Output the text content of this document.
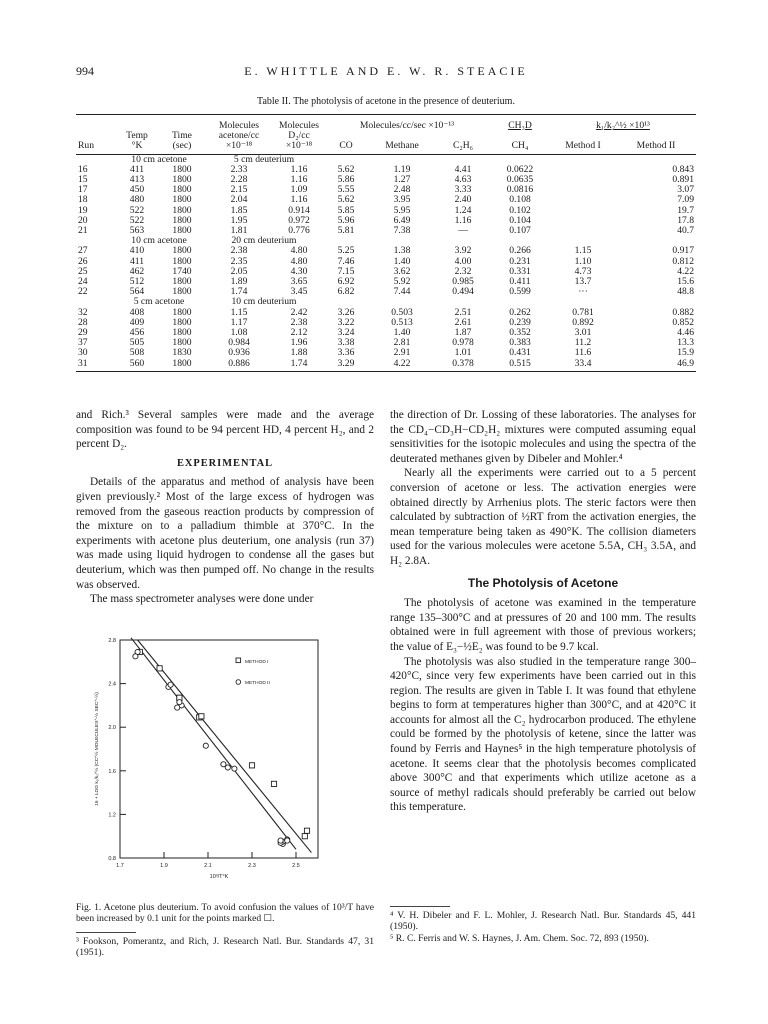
994	E. WHITTLE AND E. W. R. STEACIE
Table II. The photolysis of acetone in the presence of deuterium.
			Molecules	Molecules	Molecules/cc/sec ×10⁻¹³			CH₃D	k₁/k₂^½ ×10¹³	
	Temp	Time	acetone/cc	D₂/cc						
Run	°K	(sec)	×10⁻¹⁸	×10⁻¹⁸	CO	Methane	C₂H₆	CH₄	Method I	Method II
	10 cm acetone		5 cm deuterium							
16	411	1800	2.33	1.16	5.62	1.19	4.41	0.0622		0.843
15	413	1800	2.28	1.16	5.86	1.27	4.63	0.0635		0.891
17	450	1800	2.15	1.09	5.55	2.48	3.33	0.0816		3.07
18	480	1800	2.04	1.16	5.62	3.95	2.40	0.108		7.09
19	522	1800	1.85	0.914	5.85	5.95	1.24	0.102		19.7
20	522	1800	1.95	0.972	5.96	6.49	1.16	0.104		17.8
21	563	1800	1.81	0.776	5.81	7.38	—	0.107		40.7
	10 cm acetone		20 cm deuterium							
27	410	1800	2.38	4.80	5.25	1.38	3.92	0.266	1.15	0.917
26	411	1800	2.35	4.80	7.46	1.40	4.00	0.231	1.10	0.812
25	462	1740	2.05	4.30	7.15	3.62	2.32	0.331	4.73	4.22
24	512	1800	1.89	3.65	6.92	5.92	0.985	0.411	13.7	15.6
22	564	1800	1.74	3.45	6.82	7.44	0.494	0.599	···	48.8
	5 cm acetone		10 cm deuterium							
32	408	1800	1.15	2.42	3.26	0.503	2.51	0.262	0.781	0.882
28	409	1800	1.17	2.38	3.22	0.513	2.61	0.239	0.892	0.852
29	456	1800	1.08	2.12	3.24	1.40	1.87	0.352	3.01	4.46
37	505	1800	0.984	1.96	3.38	2.81	0.978	0.383	11.2	13.3
30	508	1830	0.936	1.88	3.36	2.91	1.01	0.431	11.6	15.9
31	560	1800	0.886	1.74	3.29	4.22	0.378	0.515	33.4	46.9

and Rich.³ Several samples were made and the average composition was found to be 94 percent HD, 4 percent H₂, and 2 percent D₂.

EXPERIMENTAL

Details of the apparatus and method of analysis have been given previously.² Most of the large excess of hydrogen was removed from the gaseous reaction products by compression of the mixture on to a palladium thimble at 370°C. In the experiments with acetone plus deuterium, one analysis (run 37) was made using liquid hydrogen to condense all the gases but deuterium, which was then pumped off. No change in the results was observed.

The mass spectrometer analyses were done under

0.8
1.2
1.6
2.0
2.4
2.8
1.7	1.9	2.1	2.3	2.5
10³/T°K
16 + LOG k₁/k₂^½ (CC^½ MOLECULES^-½ SEC^-½)
METHOD I
METHOD II
Fig. 1. Acetone plus deuterium. To avoid confusion the values of 10³/T have been increased by 0.1 unit for the points marked ☐.
³ Fookson, Pomerantz, and Rich, J. Research Natl. Bur. Standards 47, 31 (1951).

the direction of Dr. Lossing of these laboratories. The analyses for the CD₄−CD₃H−CD₂H₂ mixtures were computed assuming equal sensitivities for the isotopic molecules and using the spectra of the deuterated methanes given by Dibeler and Mohler.⁴

Nearly all the experiments were carried out to a 5 percent conversion of acetone or less. The activation energies were obtained directly by Arrhenius plots. The steric factors were then calculated by subtraction of ½RT from the activation energies, the mean temperature being taken as 490°K. The collision diameters used for the various molecules were acetone 5.5A, CH₃ 3.5A, and H₂ 2.8A.

The Photolysis of Acetone

The photolysis of acetone was examined in the temperature range 135–300°C and at pressures of 20 and 100 mm. The results obtained were in full agreement with those of previous workers; the value of E₃−½E₂ was found to be 9.7 kcal.

The photolysis was also studied in the temperature range 300–420°C, since very few experiments have been carried out in this region. The results are given in Table I. It was found that ethylene begins to form at temperatures higher than 300°C, and at 420°C it accounts for almost all the C₂ hydrocarbon produced. The ethylene could be formed by the photolysis of ketene, since the latter was found by Ferris and Haynes⁵ in the high temperature photolysis of acetone. It seems clear that the photolysis becomes complicated above 300°C and that experiments which utilize acetone as a source of methyl radicals should preferably be carried out below this temperature.

⁴ V. H. Dibeler and F. L. Mohler, J. Research Natl. Bur. Standards 45, 441 (1950).
⁵ R. C. Ferris and W. S. Haynes, J. Am. Chem. Soc. 72, 893 (1950).
